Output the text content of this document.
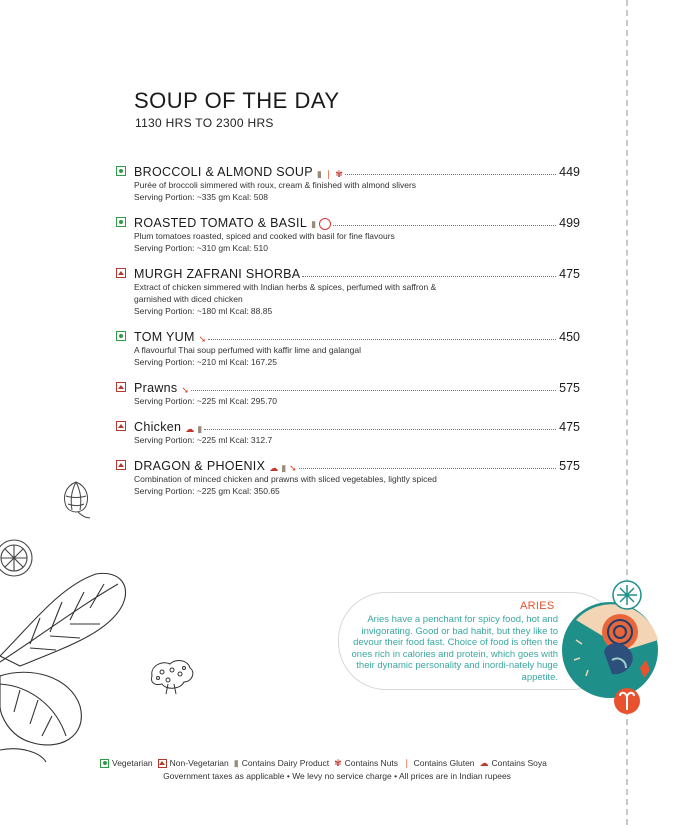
SOUP OF THE DAY
1130 HRS TO 2300 HRS
BROCCOLI & ALMOND SOUP ▮ ❘ ✾	449
Purée of broccoli simmered with roux, cream & finished with almond slivers
Serving Portion: ~335 gm Kcal: 508
ROASTED TOMATO & BASIL ▮	499
Plum tomatoes roasted, spiced and cooked with basil for fine flavours
Serving Portion: ~310 gm Kcal: 510
MURGH ZAFRANI SHORBA	475
Extract of chicken simmered with Indian herbs & spices, perfumed with saffron & garnished with diced chicken
Serving Portion: ~180 ml Kcal: 88.85
TOM YUM ➘	450
A flavourful Thai soup perfumed with kaffir lime and galangal
Serving Portion: ~210 ml Kcal: 167.25
Prawns ➘	575
Serving Portion: ~225 ml Kcal: 295.70
Chicken ☁ ▮	475
Serving Portion: ~225 ml Kcal: 312.7
DRAGON & PHOENIX ☁ ▮ ➘	575
Combination of minced chicken and prawns with sliced vegetables, lightly spiced
Serving Portion: ~225 gm Kcal: 350.65
ARIES
Aries have a penchant for spicy food, hot and invigorating. Good or bad habit, but they like to devour their food fast. Choice of food is often the ones rich in calories and protein, which goes with their dynamic personality and inordi-nately huge appetite.
Vegetarian Non-Vegetarian ▮ Contains Dairy Product ✾ Contains Nuts ❘ Contains Gluten ☁ Contains Soya
Government taxes as applicable • We levy no service charge • All prices are in Indian rupees
